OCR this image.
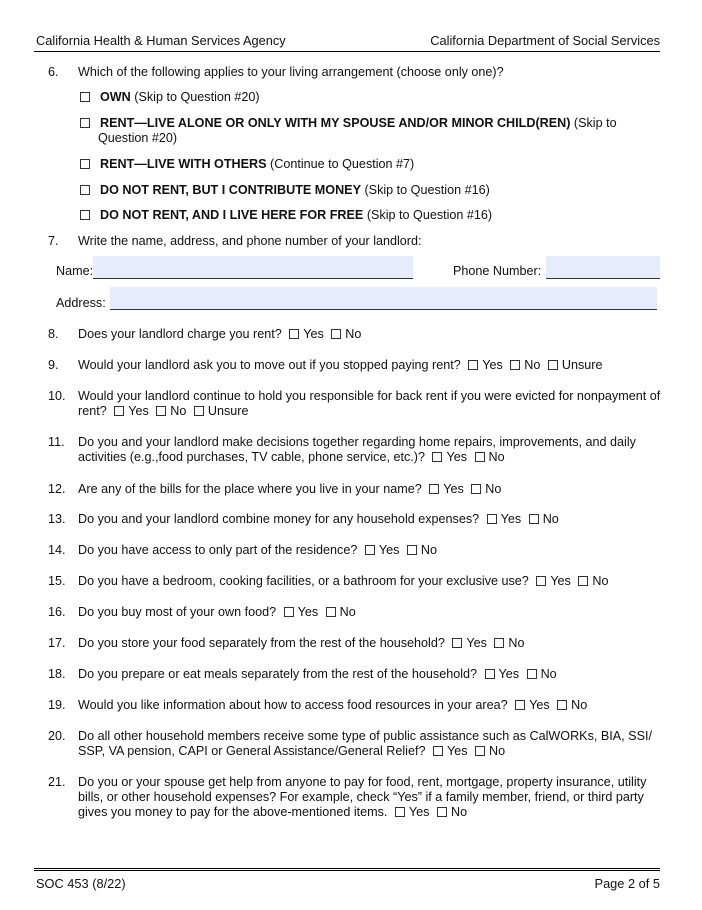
California Health & Human Services Agency	California Department of Social Services
6.	Which of the following applies to your living arrangement (choose only one)?
OWN (Skip to Question #20)
RENT—LIVE ALONE OR ONLY WITH MY SPOUSE AND/OR MINOR CHILD(REN) (Skip to Question #20)
RENT—LIVE WITH OTHERS (Continue to Question #7)
DO NOT RENT, BUT I CONTRIBUTE MONEY (Skip to Question #16)
DO NOT RENT, AND I LIVE HERE FOR FREE (Skip to Question #16)
7.	Write the name, address, and phone number of your landlord:
Name:	Phone Number:
Address:
8.	Does your landlord charge you rent? Yes No
9.	Would your landlord ask you to move out if you stopped paying rent? Yes No Unsure
10. Would your landlord continue to hold you responsible for back rent if you were evicted for nonpayment of rent? Yes No Unsure
11.	Do you and your landlord make decisions together regarding home repairs, improvements, and daily activities (e.g.,food purchases, TV cable, phone service, etc.)? Yes No
12. Are any of the bills for the place where you live in your name? Yes No
13. Do you and your landlord combine money for any household expenses? Yes No
14. Do you have access to only part of the residence? Yes No
15. Do you have a bedroom, cooking facilities, or a bathroom for your exclusive use? Yes No
16. Do you buy most of your own food? Yes No
17. Do you store your food separately from the rest of the household? Yes No
18. Do you prepare or eat meals separately from the rest of the household? Yes No
19. Would you like information about how to access food resources in your area? Yes No
20. Do all other household members receive some type of public assistance such as CalWORKs, BIA, SSI/ SSP, VA pension, CAPI or General Assistance/General Relief? Yes No
21. Do you or your spouse get help from anyone to pay for food, rent, mortgage, property insurance, utility bills, or other household expenses? For example, check “Yes” if a family member, friend, or third party gives you money to pay for the above-mentioned items. Yes No
SOC 453 (8/22)	Page 2 of 5
